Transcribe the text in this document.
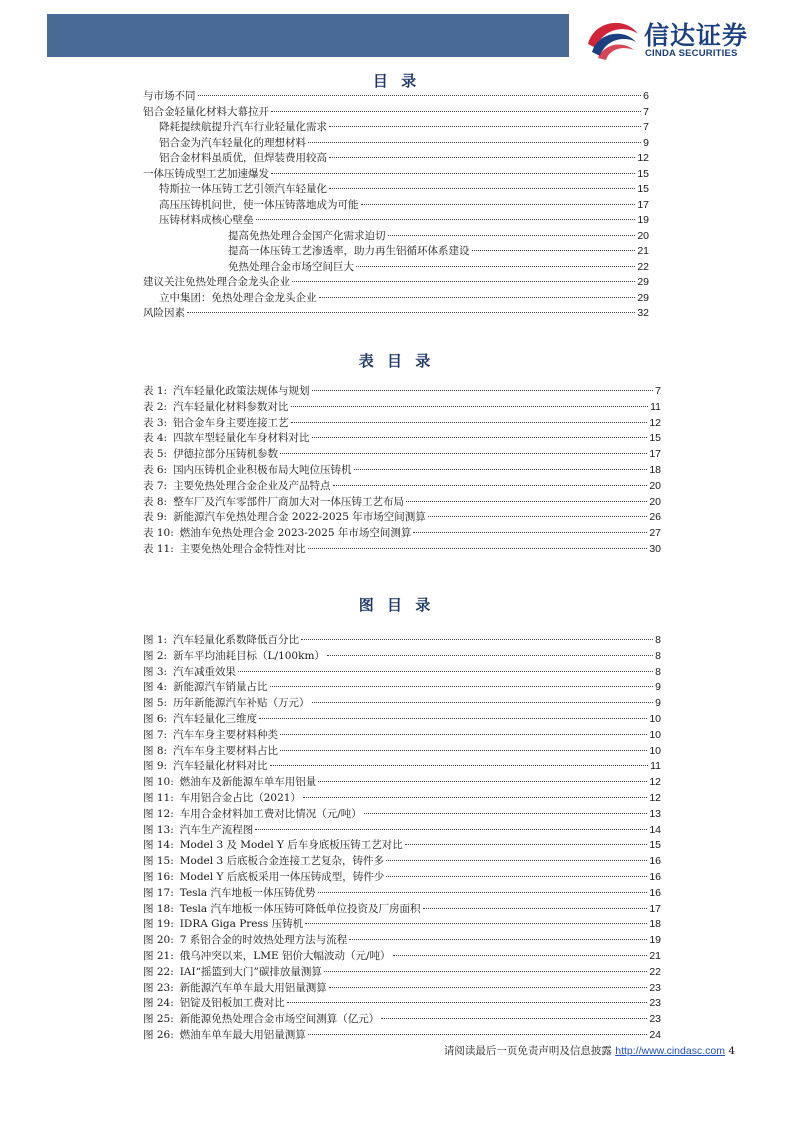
信达证券
CINDA SECURITIES
目 录
与市场不同	6
铝合金轻量化材料大幕拉开	7
降耗提续航提升汽车行业轻量化需求	7
铝合金为汽车轻量化的理想材料	9
铝合金材料虽质优，但焊装费用较高	12
一体压铸成型工艺加速爆发	15
特斯拉一体压铸工艺引领汽车轻量化	15
高压压铸机问世，使一体压铸落地成为可能	17
压铸材料成核心壁垒	19
提高免热处理合金国产化需求迫切	20
提高一体压铸工艺渗透率，助力再生铝循环体系建设	21
免热处理合金市场空间巨大	22
建议关注免热处理合金龙头企业	29
立中集团：免热处理合金龙头企业	29
风险因素	32
表 目 录
表 1: 汽车轻量化政策法规体与规划	7
表 2: 汽车轻量化材料参数对比	11
表 3: 铝合金车身主要连接工艺	12
表 4: 四款车型轻量化车身材料对比	15
表 5: 伊德拉部分压铸机参数	17
表 6: 国内压铸机企业积极布局大吨位压铸机	18
表 7: 主要免热处理合金企业及产品特点	20
表 8: 整车厂及汽车零部件厂商加大对一体压铸工艺布局	20
表 9: 新能源汽车免热处理合金 2022-2025 年市场空间测算	26
表 10: 燃油车免热处理合金 2023-2025 年市场空间测算	27
表 11: 主要免热处理合金特性对比	30
图 目 录
图 1: 汽车轻量化系数降低百分比	8
图 2: 新车平均油耗目标（L/100km）	8
图 3: 汽车减重效果	8
图 4: 新能源汽车销量占比	9
图 5: 历年新能源汽车补贴（万元）	9
图 6: 汽车轻量化三维度	10
图 7: 汽车车身主要材料种类	10
图 8: 汽车车身主要材料占比	10
图 9: 汽车轻量化材料对比	11
图 10: 燃油车及新能源车单车用铝量	12
图 11: 车用铝合金占比（2021）	12
图 12: 车用合金材料加工费对比情况（元/吨）	13
图 13: 汽车生产流程图	14
图 14: Model 3 及 Model Y 后车身底板压铸工艺对比	15
图 15: Model 3 后底板合金连接工艺复杂，铸件多	16
图 16: Model Y 后底板采用一体压铸成型，铸件少	16
图 17: Tesla 汽车地板一体压铸优势	16
图 18: Tesla 汽车地板一体压铸可降低单位投资及厂房面积	17
图 19: IDRA Giga Press 压铸机	18
图 20: 7 系铝合金的时效热处理方法与流程	19
图 21: 俄乌冲突以来，LME 铝价大幅波动（元/吨）	21
图 22: IAI“摇篮到大门”碳排放量测算	22
图 23: 新能源汽车单车最大用铝量测算	23
图 24: 铝锭及铝板加工费对比	23
图 25: 新能源免热处理合金市场空间测算（亿元）	23
图 26: 燃油车单车最大用铝量测算	24
请阅读最后一页免责声明及信息披露 http://www.cindasc.com 4
